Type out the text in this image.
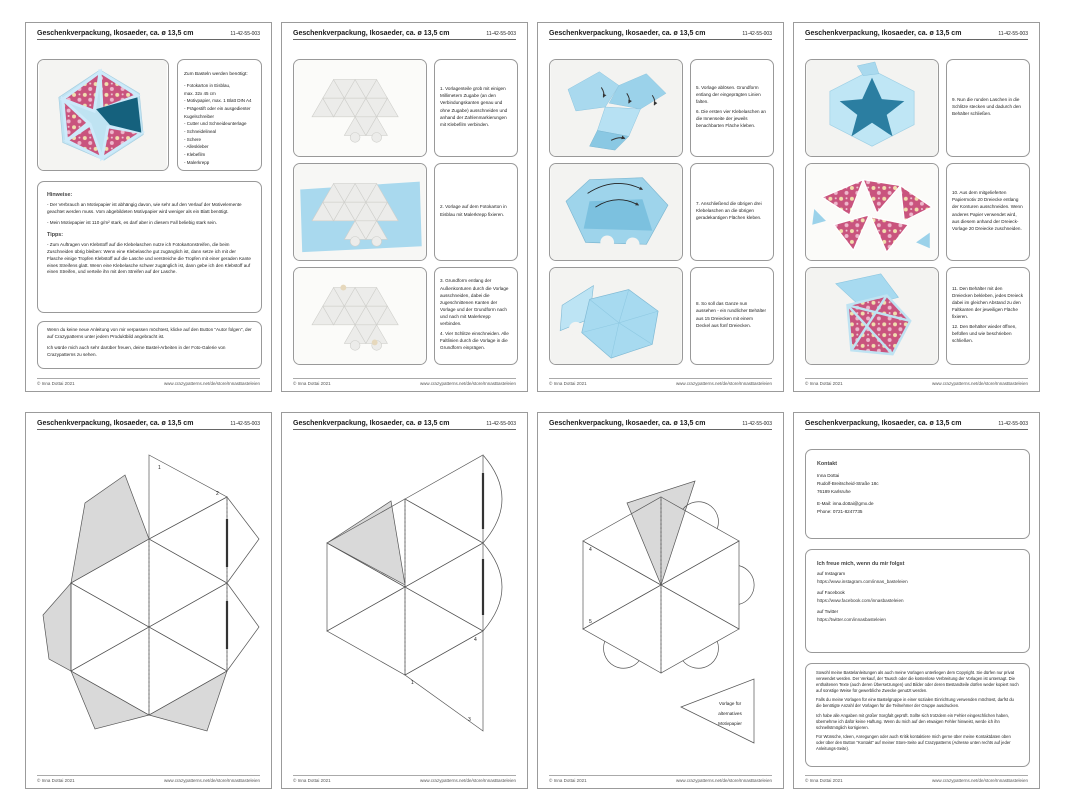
Geschenkverpackung, Ikosaeder, ca. ø 13,5 cm	11-42-55-003
Zum Basteln werden benötigt:
- Fotokarton in Eisblau,
max. 32x 45 cm
- Motivpapier, max. 1 Blatt DIN A4
- Prägestift oder ein ausgedienter
Kugelschreiber
- Cutter und Schneideunterlage
- Schneidelineal
- Schere
- Alleskleber
- Klebefilm
- Malerkrepp
Hinweise:

- Der Verbrauch an Motivpapier ist abhängig davon, wie sehr auf den Verlauf der Motivelemente geachtet werden muss. Vom abgebildeten Motivpapier wird weniger als ein Blatt benötigt.

- Mein Motivpapier ist 110 g/m² stark, es darf aber in diesem Fall beliebig stark sein.

Tipps:

- Zum Auftragen von Klebstoff auf die Klebelaschen nutze ich Fotokartonstreifen, die beim Zuschneiden übrig bleiben: Wenn eine Klebelasche gut zugänglich ist, dann setze ich mit der Flasche einige Tropfen Klebstoff auf die Lasche und verstreiche die Tropfen mit einer geraden Kante eines Streifens glatt. Wenn eine Klebelasche schwer zugänglich ist, dann gebe ich den Klebstoff auf einen Streifen, und verteile ihn mit dem Streifen auf der Lasche.

Wenn du keine neue Anleitung von mir verpassen möchtest, klicke auf den Button "Autor folgen", der auf Crazypatterns unter jedem Produktbild angebracht ist.

Ich würde mich auch sehr darüber freuen, deine Bastel-Arbeiten in der Foto-Galerie von Crazypatterns zu sehen.

© Inna Dottai 2021	www.crazypatterns.net/de/store/InnasBasteleien
Geschenkverpackung, Ikosaeder, ca. ø 13,5 cm	11-42-55-003

1. Vorlagenteile grob mit einigen Millimetern Zugabe (an den Verbindungskanten genau und ohne Zugabe) ausschneiden und anhand der Zahlenmarkierungen mit Klebefilm verbinden.

2. Vorlage auf dem Fotokarton in Eisblau mit Malerkrepp fixieren.

3. Grundform entlang der Außenkonturen durch die Vorlage ausschneiden, dabei die zugeschnittenen Kanten der Vorlage und der Grundform nach und nach mit Malerkrepp verbinden.

4. Vier Schlitze einschneiden. Alle Faltlinien durch die Vorlage in die Grundform einprägen.

© Inna Dottai 2021	www.crazypatterns.net/de/store/InnasBasteleien
Geschenkverpackung, Ikosaeder, ca. ø 13,5 cm	11-42-55-003

5. Vorlage ablösen. Grundform entlang der eingeprägten Linien falten.

6. Die ersten vier Klebelaschen an die Innenseite der jeweils benachbarten Fläche kleben.

7. Anschließend die übrigen drei Klebelaschen an die übrigen geradekantigen Flächen kleben.

8. So soll das Ganze nun aussehen - ein rundlicher Behälter aus 15 Dreiecken mit einem Deckel aus fünf Dreiecken.

© Inna Dottai 2021	www.crazypatterns.net/de/store/InnasBasteleien
Geschenkverpackung, Ikosaeder, ca. ø 13,5 cm	11-42-55-003

9. Nun die runden Laschen in die Schlitze stecken und dadurch den Behälter schließen.

10. Aus dem mitgelieferten Papiermotiv 20 Dreiecke entlang der Konturen ausschneiden. Wenn anderes Papier verwendet wird, aus diesem anhand der Dreieck-Vorlage 20 Dreiecke zuschneiden.

11. Den Behälter mit den Dreiecken bekleben, jedes Dreieck dabei im gleichen Abstand zu den Faltkanten der jeweiligen Fläche fixieren.

12. Den Behälter wieder öffnen, befüllen und wie beschrieben schließen.

© Inna Dottai 2021	www.crazypatterns.net/de/store/InnasBasteleien
Geschenkverpackung, Ikosaeder, ca. ø 13,5 cm	11-42-55-003
1
2
© Inna Dottai 2021	www.crazypatterns.net/de/store/InnasBasteleien
Geschenkverpackung, Ikosaeder, ca. ø 13,5 cm	11-42-55-003
1
4
3
© Inna Dottai 2021	www.crazypatterns.net/de/store/InnasBasteleien
Geschenkverpackung, Ikosaeder, ca. ø 13,5 cm	11-42-55-003
4
5
Vorlage für
alternatives
Motivpapier
© Inna Dottai 2021	www.crazypatterns.net/de/store/InnasBasteleien
Geschenkverpackung, Ikosaeder, ca. ø 13,5 cm	11-42-55-003
Kontakt
Inna Dottai
Rudolf-Breitscheid-Straße 18c
76189 Karlsruhe
E-Mail: inna.dottai@gmx.de
Phone: 0721-8247735
Ich freue mich, wenn du mir folgst
auf Instagram
https://www.instagram.com/innas_basteleien
auf Facebook
https://www.facebook.com/innasbasteleien
auf Twitter
https://twitter.com/innasbasteleien

Sowohl meine Bastelanleitungen als auch meine Vorlagen unterliegen dem Copyright. Sie dürfen nur privat verwendet werden. Der Verkauf, der Tausch oder die kostenlose Verbreitung der Vorlagen ist untersagt. Die enthaltenen Texte (auch deren Übersetzungen) und Bilder oder deren Bestandteile dürfen weder kopiert noch auf sonstige Weise für gewerbliche Zwecke genutzt werden.

Falls du meine Vorlagen für eine Bastelgruppe in einer sozialen Einrichtung verwenden möchtest, darfst du die benötigte Anzahl der Vorlagen für die Teilnehmer der Gruppe ausdrucken.

Ich habe alle Angaben mit großer Sorgfalt geprüft. Sollte sich trotzdem ein Fehler eingeschlichen haben, übernehme ich dafür keine Haftung. Wenn du mich auf den etwaigen Fehler hinweist, werde ich ihn schnellstmöglich korrigieren.

Für Wünsche, Ideen, Anregungen oder auch Kritik kontaktiere mich gerne über meine Kontaktdaten oben oder über den Button "Kontakt" auf meiner Store-Seite auf Crazypatterns (Adresse unten rechts auf jeder Anleitungs-Seite).

© Inna Dottai 2021	www.crazypatterns.net/de/store/InnasBasteleien
